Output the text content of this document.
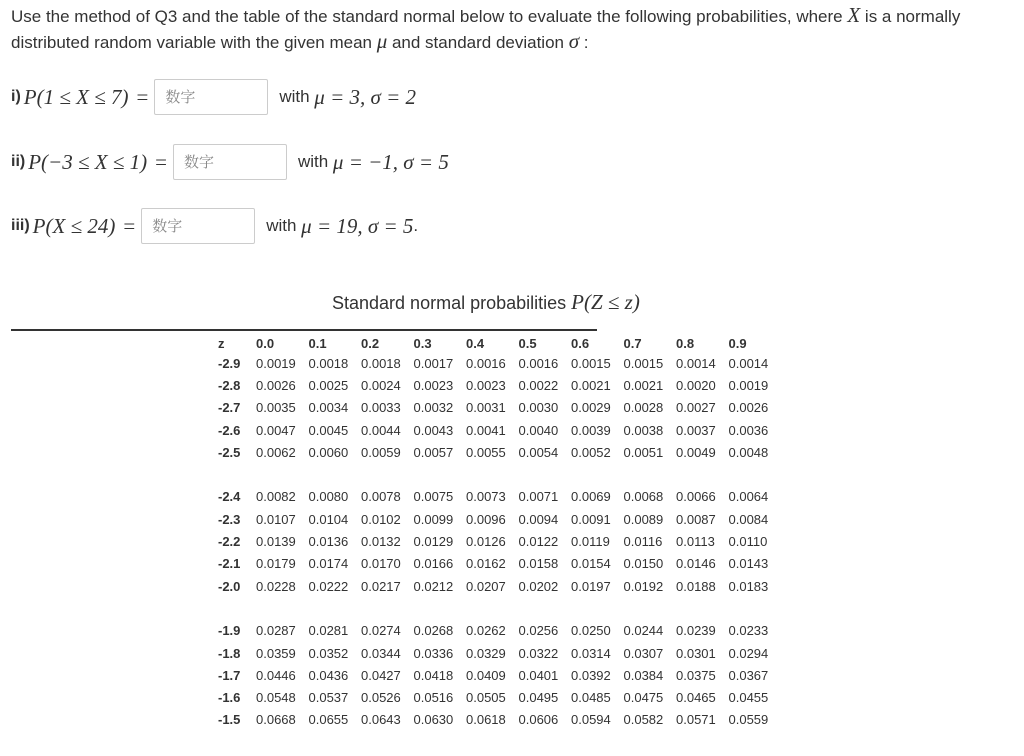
Use the method of Q3 and the table of the standard normal below to evaluate the following probabilities, where X is a normally distributed random variable with the given mean μ and standard deviation σ :
i) P(1 ≤ X ≤ 7) =
数字	with
μ = 3, σ = 2
ii) P(−3 ≤ X ≤ 1) =
数字	with
μ = −1, σ = 5
iii) P(X ≤ 24) =
数字	with
μ = 19, σ = 5 .
Standard normal probabilities P(Z ≤ z)
z	0.0	0.1	0.2	0.3	0.4	0.5	0.6	0.7	0.8	0.9
-2.9	0.0019	0.0018	0.0018	0.0017	0.0016	0.0016	0.0015	0.0015	0.0014	0.0014
-2.8	0.0026	0.0025	0.0024	0.0023	0.0023	0.0022	0.0021	0.0021	0.0020	0.0019
-2.7	0.0035	0.0034	0.0033	0.0032	0.0031	0.0030	0.0029	0.0028	0.0027	0.0026
-2.6	0.0047	0.0045	0.0044	0.0043	0.0041	0.0040	0.0039	0.0038	0.0037	0.0036
-2.5	0.0062	0.0060	0.0059	0.0057	0.0055	0.0054	0.0052	0.0051	0.0049	0.0048

-2.4	0.0082	0.0080	0.0078	0.0075	0.0073	0.0071	0.0069	0.0068	0.0066	0.0064
-2.3	0.0107	0.0104	0.0102	0.0099	0.0096	0.0094	0.0091	0.0089	0.0087	0.0084
-2.2	0.0139	0.0136	0.0132	0.0129	0.0126	0.0122	0.0119	0.0116	0.0113	0.0110
-2.1	0.0179	0.0174	0.0170	0.0166	0.0162	0.0158	0.0154	0.0150	0.0146	0.0143
-2.0	0.0228	0.0222	0.0217	0.0212	0.0207	0.0202	0.0197	0.0192	0.0188	0.0183

-1.9	0.0287	0.0281	0.0274	0.0268	0.0262	0.0256	0.0250	0.0244	0.0239	0.0233
-1.8	0.0359	0.0352	0.0344	0.0336	0.0329	0.0322	0.0314	0.0307	0.0301	0.0294
-1.7	0.0446	0.0436	0.0427	0.0418	0.0409	0.0401	0.0392	0.0384	0.0375	0.0367
-1.6	0.0548	0.0537	0.0526	0.0516	0.0505	0.0495	0.0485	0.0475	0.0465	0.0455
-1.5	0.0668	0.0655	0.0643	0.0630	0.0618	0.0606	0.0594	0.0582	0.0571	0.0559
